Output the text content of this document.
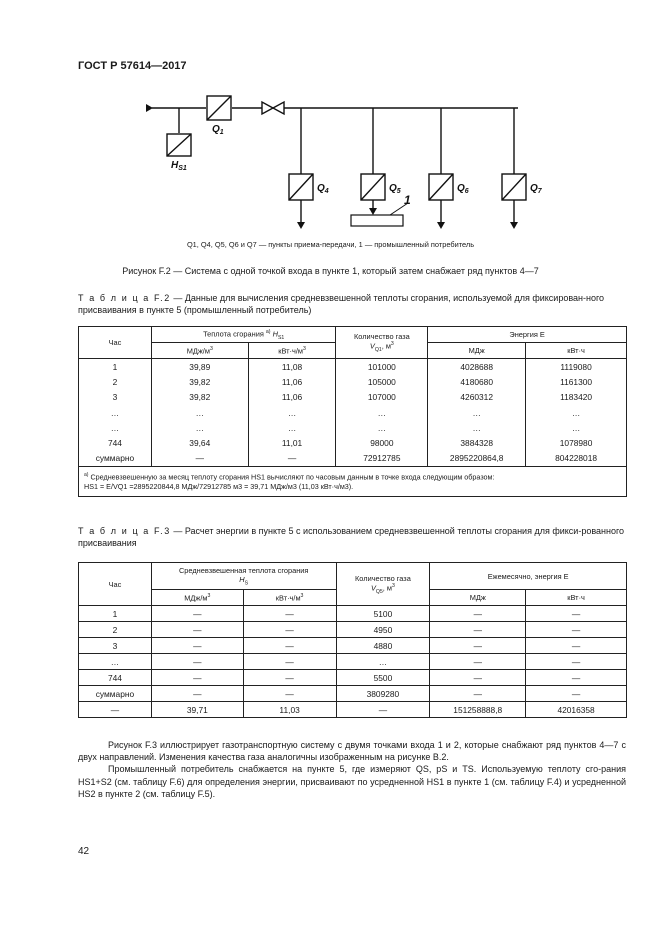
ГОСТ Р 57614—2017
$Q_1$
$H_{S1}$
$Q_4$	$Q_5$	$Q_6$	$Q_7$
1
Q1, Q4, Q5, Q6 и Q7 — пункты приема-передачи, 1 — промышленный потребитель
Рисунок F.2 — Система с одной точкой входа в пункте 1, который затем снабжает ряд пунктов 4—7
Т а б л и ц а F.2 — Данные для вычисления средневзвешенной теплоты сгорания, используемой для фиксирован-ного присваивания в пункте 5 (промышленный потребитель)
Час	Теплота сгорания $^{a)}$ $H_{S1}$		Количество газа
$V_{Q1}$, $м^3$	Энергия E	
	МДж/$м^3$	$кВт\cdot ч/м^3$		МДж	кВт·ч
1	39,89	11,08	101000	4028688	1119080
2	39,82	11,06	105000	4180680	1161300
3	39,82	11,06	107000	4260312	1183420
…	…	…	…	…	…
…	…	…	…	…	…
744	39,64	11,01	98000	3884328	1078980
суммарно	—	—	72912785	2895220864,8	804228018
$^{a)}$ Средневзвешенную за месяц теплоту сгорания HS1 вычисляют по часовым данным в точке входа следующим образом:
HS1 = E/VQ1 =2895220844,8 МДж/72912785 м3 = 39,71 МДж/м3 (11,03 кВт·ч/м3).					
Т а б л и ц а F.3 — Расчет энергии в пункте 5 с использованием средневзвешенной теплоты сгорания для фикси-рованного присваивания
Час	Средневзвешенная теплота сгорания
$H_S$		Количество газа
$V_{Q5}$, $м^3$	Ежемесячно, энергия E	
	МДж/$м^3$	$кВт\cdot ч/м^3$		МДж	кВт·ч
1	—	—	5100	—	—
2	—	—	4950	—	—
3	—	—	4880	—	—
…	—	—	…	—	—
744	—	—	5500	—	—
суммарно	—	—	3809280	—	—
—	39,71	11,03	—	151258888,8	42016358

Рисунок F.3 иллюстрирует газотранспортную систему с двумя точками входа 1 и 2, которые снабжают ряд пунктов 4—7 с двух направлений. Изменения качества газа аналогичны изображенным на рисунке В.2.

Промышленный потребитель снабжается на пункте 5, где измеряют QS, pS и TS. Используемую теплоту сго-рания HS1+S2 (см. таблицу F.6) для определения энергии, присваивают по усредненной HS1 в пункте 1 (см. таблицу F.4) и усредненной HS2 в пункте 2 (см. таблицу F.5).

42
